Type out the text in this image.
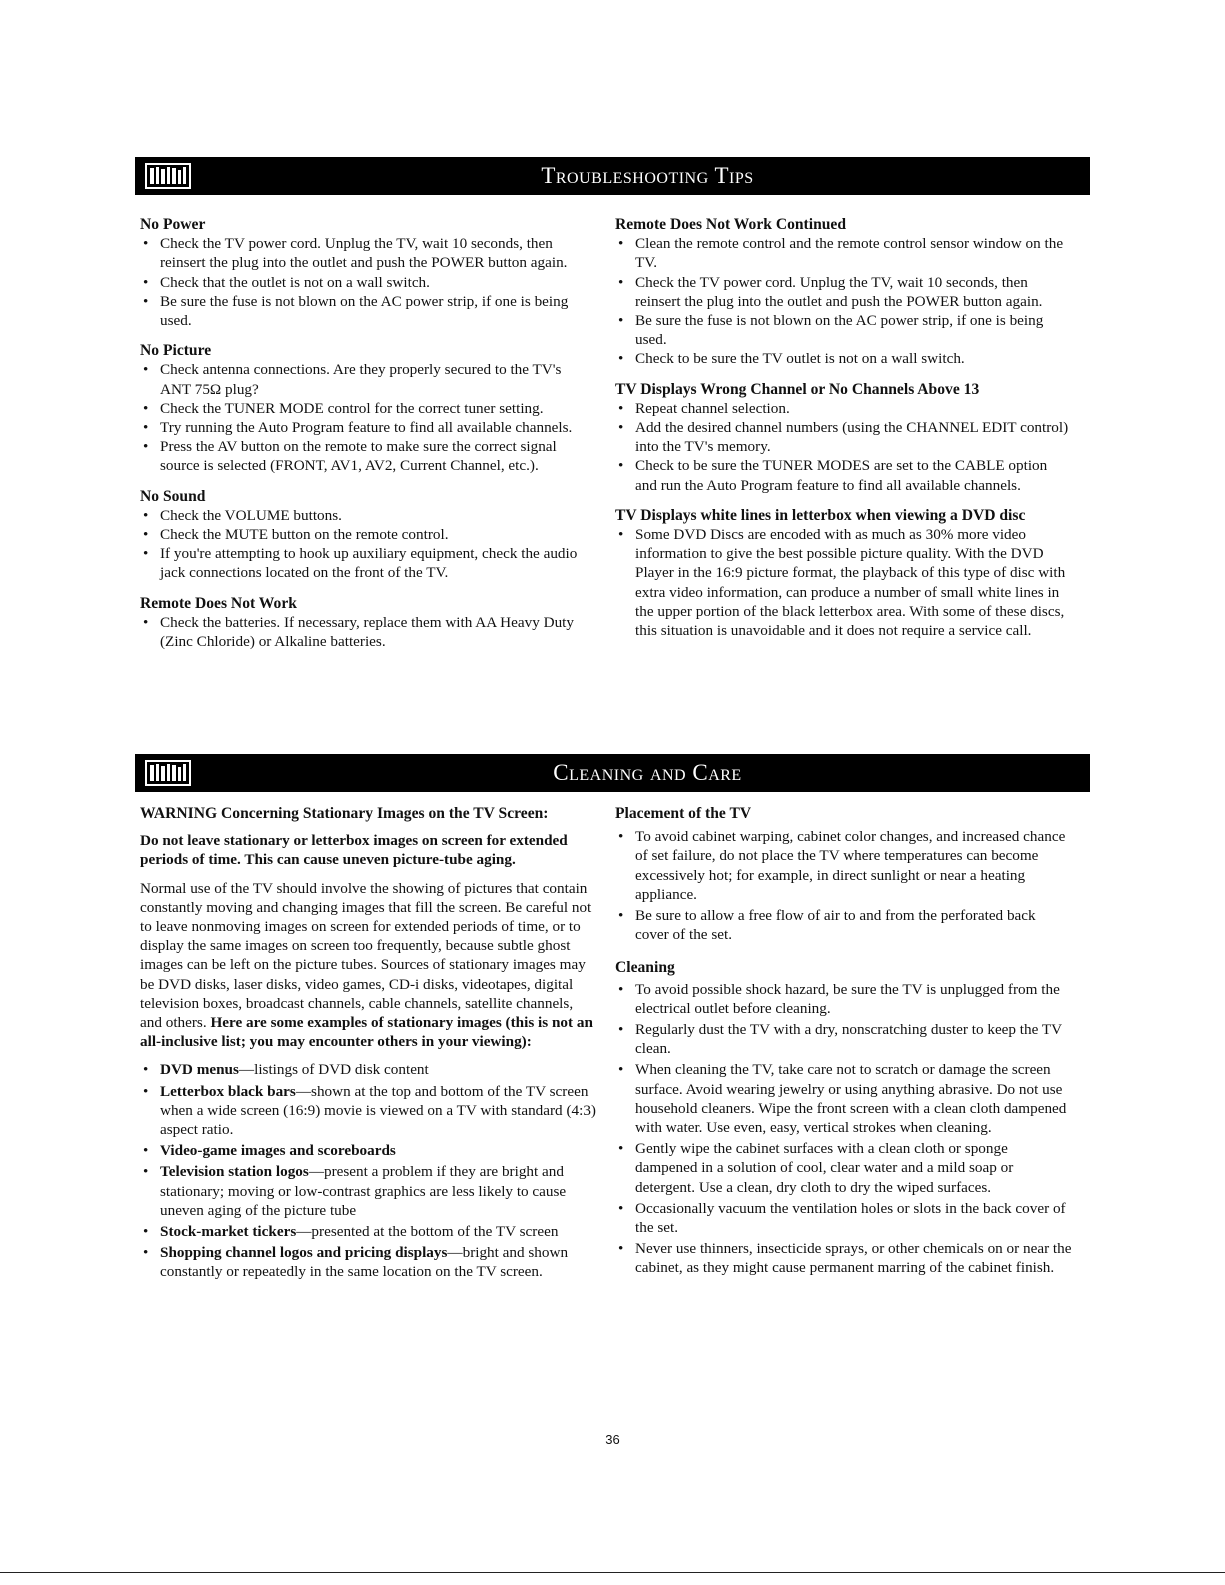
Troubleshooting Tips
No Power
• Check the TV power cord. Unplug the TV, wait 10 seconds, then reinsert the plug into the outlet and push the POWER button again.
• Check that the outlet is not on a wall switch.
• Be sure the fuse is not blown on the AC power strip, if one is being used.
No Picture
• Check antenna connections. Are they properly secured to the TV's ANT 75Ω plug?
• Check the TUNER MODE control for the correct tuner setting.
• Try running the Auto Program feature to find all available channels.
• Press the AV button on the remote to make sure the correct signal source is selected (FRONT, AV1, AV2, Current Channel, etc.).
No Sound
• Check the VOLUME buttons.
• Check the MUTE button on the remote control.
• If you're attempting to hook up auxiliary equipment, check the audio jack connections located on the front of the TV.
Remote Does Not Work
• Check the batteries. If necessary, replace them with AA Heavy Duty (Zinc Chloride) or Alkaline batteries.
Remote Does Not Work Continued
• Clean the remote control and the remote control sensor window on the TV.
• Check the TV power cord. Unplug the TV, wait 10 seconds, then reinsert the plug into the outlet and push the POWER button again.
• Be sure the fuse is not blown on the AC power strip, if one is being used.
• Check to be sure the TV outlet is not on a wall switch.
TV Displays Wrong Channel or No Channels Above 13
• Repeat channel selection.
• Add the desired channel numbers (using the CHANNEL EDIT control) into the TV's memory.
• Check to be sure the TUNER MODES are set to the CABLE option and run the Auto Program feature to find all available channels.
TV Displays white lines in letterbox when viewing a DVD disc
• Some DVD Discs are encoded with as much as 30% more video information to give the best possible picture quality. With the DVD Player in the 16:9 picture format, the playback of this type of disc with extra video information, can produce a number of small white lines in the upper portion of the black letterbox area. With some of these discs, this situation is unavoidable and it does not require a service call.
Cleaning and Care
WARNING Concerning Stationary Images on the TV Screen:

Do not leave stationary or letterbox images on screen for extended periods of time. This can cause uneven picture-tube aging.

Normal use of the TV should involve the showing of pictures that contain constantly moving and changing images that fill the screen. Be careful not to leave nonmoving images on screen for extended periods of time, or to display the same images on screen too frequently, because subtle ghost images can be left on the picture tubes. Sources of stationary images may be DVD disks, laser disks, video games, CD-i disks, videotapes, digital television boxes, broadcast channels, cable channels, satellite channels, and others. Here are some examples of stationary images (this is not an all-inclusive list; you may encounter others in your viewing):

• DVD menus—listings of DVD disk content
• Letterbox black bars—shown at the top and bottom of the TV screen when a wide screen (16:9) movie is viewed on a TV with standard (4:3) aspect ratio.
• Video-game images and scoreboards
• Television station logos—present a problem if they are bright and stationary; moving or low-contrast graphics are less likely to cause uneven aging of the picture tube
• Stock-market tickers—presented at the bottom of the TV screen
• Shopping channel logos and pricing displays—bright and shown constantly or repeatedly in the same location on the TV screen.
Placement of the TV
• To avoid cabinet warping, cabinet color changes, and increased chance of set failure, do not place the TV where temperatures can become excessively hot; for example, in direct sunlight or near a heating appliance.
• Be sure to allow a free flow of air to and from the perforated back cover of the set.
Cleaning
• To avoid possible shock hazard, be sure the TV is unplugged from the electrical outlet before cleaning.
• Regularly dust the TV with a dry, nonscratching duster to keep the TV clean.
• When cleaning the TV, take care not to scratch or damage the screen surface. Avoid wearing jewelry or using anything abrasive. Do not use household cleaners. Wipe the front screen with a clean cloth dampened with water. Use even, easy, vertical strokes when cleaning.
• Gently wipe the cabinet surfaces with a clean cloth or sponge dampened in a solution of cool, clear water and a mild soap or detergent. Use a clean, dry cloth to dry the wiped surfaces.
• Occasionally vacuum the ventilation holes or slots in the back cover of the set.
• Never use thinners, insecticide sprays, or other chemicals on or near the cabinet, as they might cause permanent marring of the cabinet finish.
36
